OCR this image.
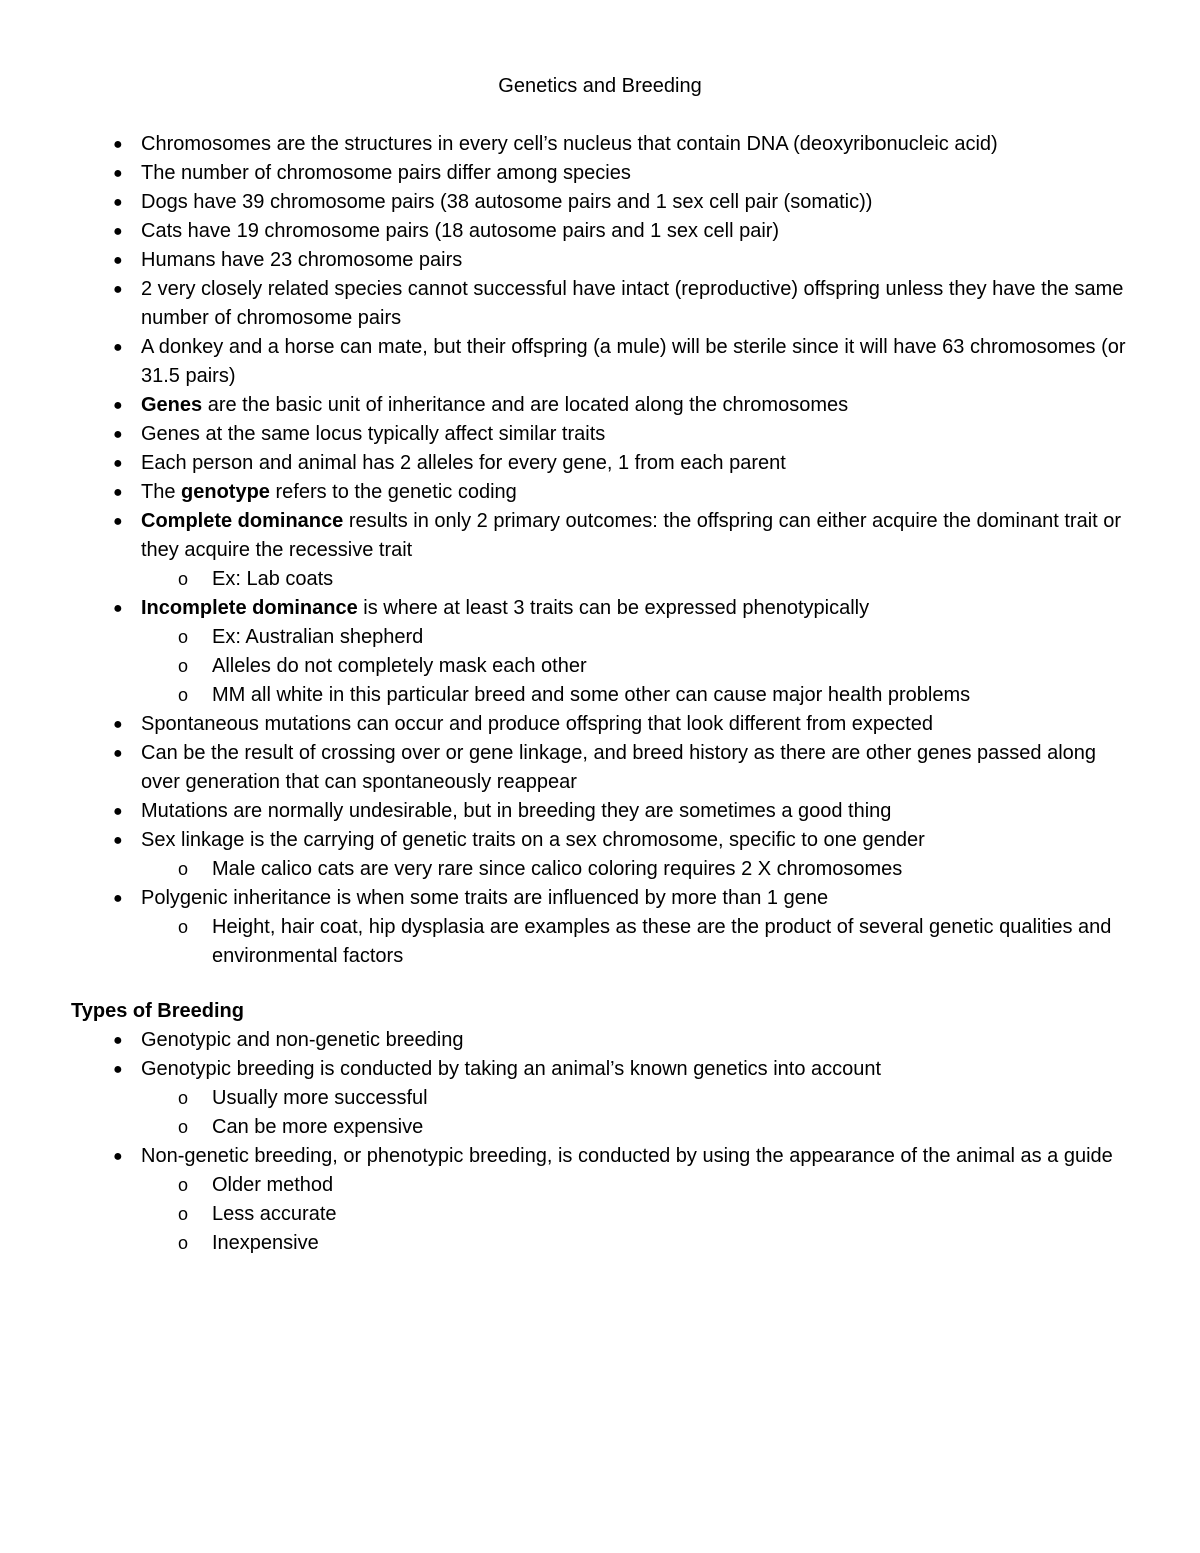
Genetics and Breeding
● Chromosomes are the structures in every cell’s nucleus that contain DNA (deoxyribonucleic acid)
● The number of chromosome pairs differ among species
● Dogs have 39 chromosome pairs (38 autosome pairs and 1 sex cell pair (somatic))
● Cats have 19 chromosome pairs (18 autosome pairs and 1 sex cell pair)
● Humans have 23 chromosome pairs
● 2 very closely related species cannot successful have intact (reproductive) offspring unless they have the same number of chromosome pairs
● A donkey and a horse can mate, but their offspring (a mule) will be sterile since it will have 63 chromosomes (or 31.5 pairs)
● Genes are the basic unit of inheritance and are located along the chromosomes
● Genes at the same locus typically affect similar traits
● Each person and animal has 2 alleles for every gene, 1 from each parent
● The genotype refers to the genetic coding
● Complete dominance results in only 2 primary outcomes: the offspring can either acquire the dominant trait or they acquire the recessive trait
o Ex: Lab coats
● Incomplete dominance is where at least 3 traits can be expressed phenotypically
o Ex: Australian shepherd
o Alleles do not completely mask each other
o MM all white in this particular breed and some other can cause major health problems
● Spontaneous mutations can occur and produce offspring that look different from expected
● Can be the result of crossing over or gene linkage, and breed history as there are other genes passed along over generation that can spontaneously reappear
● Mutations are normally undesirable, but in breeding they are sometimes a good thing
● Sex linkage is the carrying of genetic traits on a sex chromosome, specific to one gender
o Male calico cats are very rare since calico coloring requires 2 X chromosomes
● Polygenic inheritance is when some traits are influenced by more than 1 gene
o Height, hair coat, hip dysplasia are examples as these are the product of several genetic qualities and environmental factors
Types of Breeding
● Genotypic and non-genetic breeding
● Genotypic breeding is conducted by taking an animal’s known genetics into account
o Usually more successful
o Can be more expensive
● Non-genetic breeding, or phenotypic breeding, is conducted by using the appearance of the animal as a guide
o Older method
o Less accurate
o Inexpensive
